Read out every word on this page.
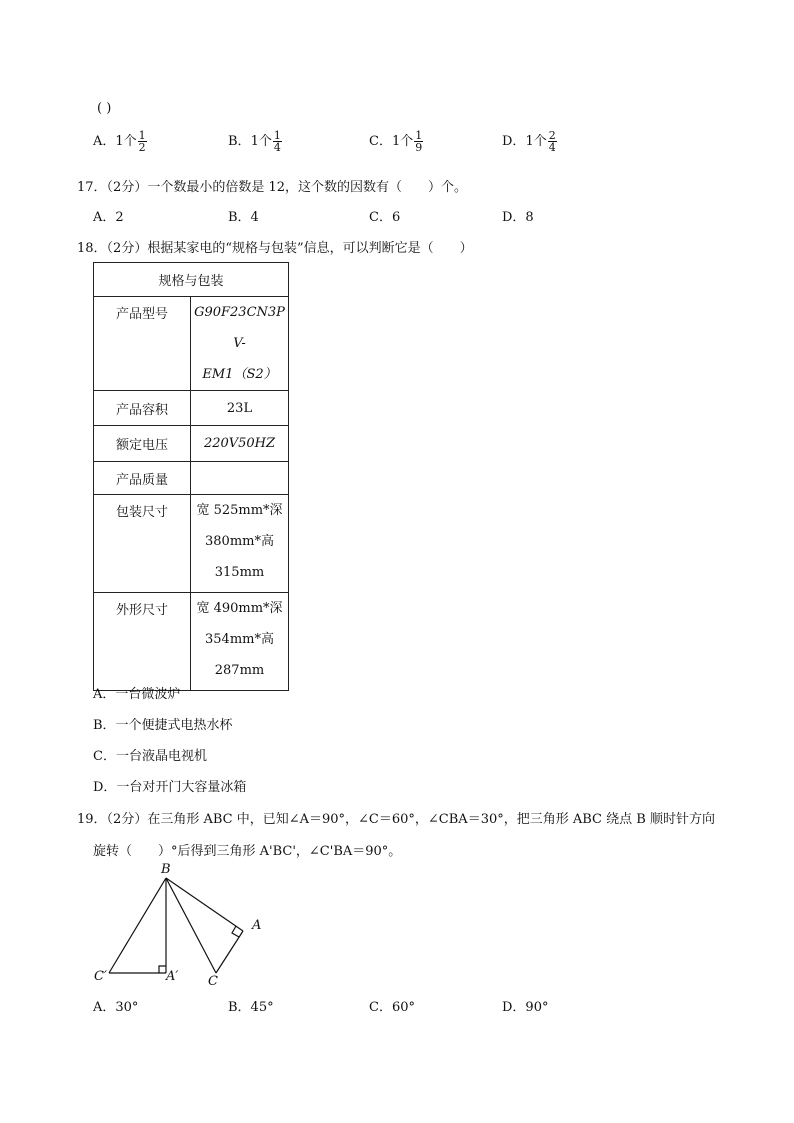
( )
A．1个 $\frac{1}{2}$	B．1个 $\frac{1}{4}$	C．1个 $\frac{1}{9}$	D．1个 $\frac{2}{4}$
17．（2分）一个数最小的倍数是 12，这个数的因数有（　　）个。
A．2	B．4	C．6	D．8
18．（2分）根据某家电的“规格与包装”信息，可以判断它是（　　）
规格与包装	
产品型号	G90F23CN3PV-
EM1（S2）

产品容积	23L
额定电压	220V50HZ
产品质量	
包装尺寸	宽 525mm*深
380mm*高
315mm

外形尺寸	宽 490mm*深
354mm*高
287mm
A．一台微波炉
B．一个便捷式电热水杯
C．一台液晶电视机
D．一台对开门大容量冰箱
19．（2分）在三角形 ABC 中，已知∠A＝90°，∠C＝60°，∠CBA＝30°，把三角形 ABC 绕点 B 顺时针方向
旋转（　　）°后得到三角形 A'BC'，∠C'BA＝90°。
B
A
C
C′	A′
A．30°	B．45°	C．60°	D．90°
